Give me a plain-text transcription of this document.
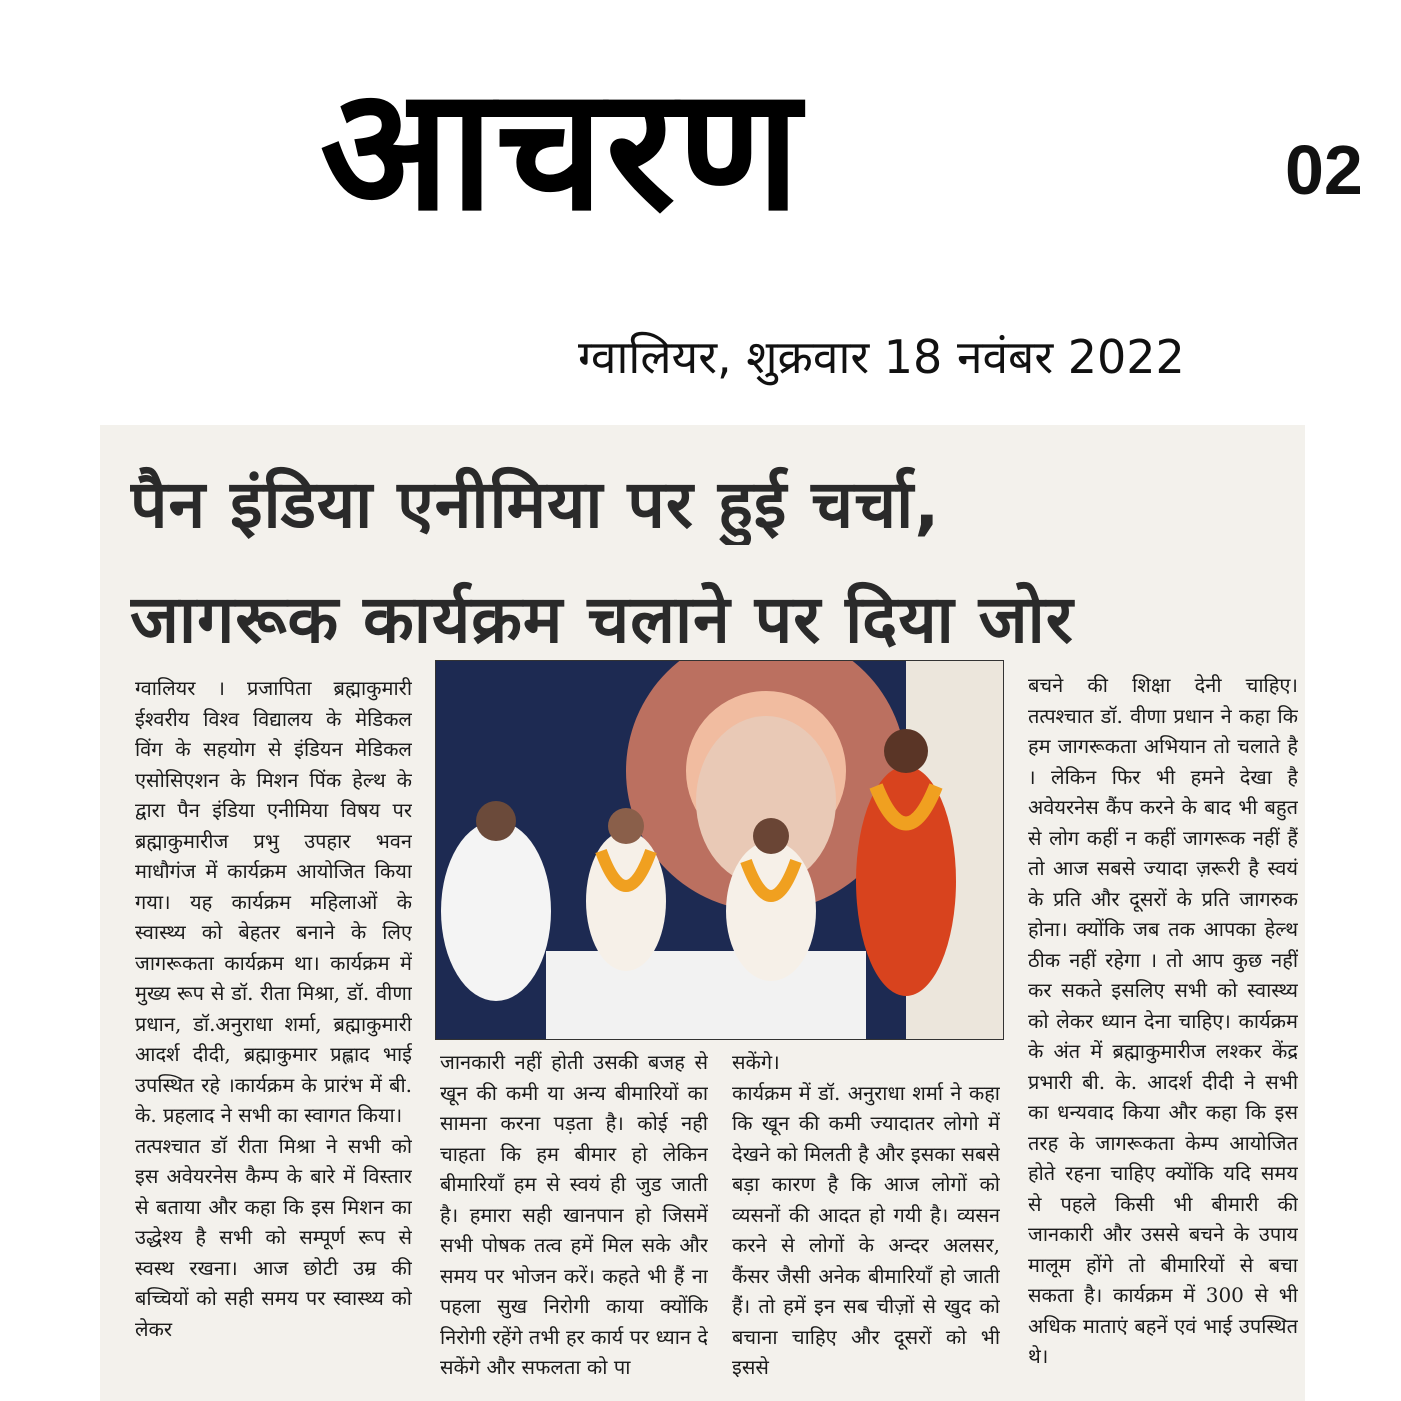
आचरण	02
ग्वालियर, शुक्रवार 18 नवंबर 2022
पैन इंडिया एनीमिया पर हुई चर्चा,
जागरूक कार्यक्रम चलाने पर दिया जोर

ग्वालियर । प्रजापिता ब्रह्माकुमारी ईश्वरीय विश्व विद्यालय के मेडिकल विंग के सहयोग से इंडियन मेडिकल एसोसिएशन के मिशन पिंक हेल्थ के द्वारा पैन इंडिया एनीमिया विषय पर ब्रह्माकुमारीज प्रभु उपहार भवन माधौगंज में कार्यक्रम आयोजित किया गया। यह कार्यक्रम महिलाओं के स्वास्थ्य को बेहतर बनाने के लिए जागरूकता कार्यक्रम था। कार्यक्रम में मुख्य रूप से डॉ. रीता मिश्रा, डॉ. वीणा प्रधान, डॉ.अनुराधा शर्मा, ब्रह्माकुमारी आदर्श दीदी, ब्रह्माकुमार प्रह्लाद भाई उपस्थित रहे ।कार्यक्रम के प्रारंभ में बी. के. प्रहलाद ने सभी का स्वागत किया।

तत्पश्चात डॉ रीता मिश्रा ने सभी को इस अवेयरनेस कैम्प के बारे में विस्तार से बताया और कहा कि इस मिशन का उद्धेश्य है सभी को सम्पूर्ण रूप से स्वस्थ रखना। आज छोटी उम्र की बच्चियों को सही समय पर स्वास्थ्य को लेकर

जानकारी नहीं होती उसकी बजह से खून की कमी या अन्य बीमारियों का सामना करना पड़ता है। कोई नही चाहता कि हम बीमार हो लेकिन बीमारियाँ हम से स्वयं ही जुड जाती है। हमारा सही खानपान हो जिसमें सभी पोषक तत्व हमें मिल सके और समय पर भोजन करें। कहते भी हैं ना पहला सुख निरोगी काया क्योंकि निरोगी रहेंगे तभी हर कार्य पर ध्यान दे सकेंगे और सफलता को पा

सकेंगे।

कार्यक्रम में डॉ. अनुराधा शर्मा ने कहा कि खून की कमी ज्यादातर लोगो में देखने को मिलती है और इसका सबसे बड़ा कारण है कि आज लोगों को व्यसनों की आदत हो गयी है। व्यसन करने से लोगों के अन्दर अलसर, कैंसर जैसी अनेक बीमारियाँ हो जाती हैं। तो हमें इन सब चीज़ों से खुद को बचाना चाहिए और दूसरों को भी इससे

बचने की शिक्षा देनी चाहिए। तत्पश्चात डॉ. वीणा प्रधान ने कहा कि हम जागरूकता अभियान तो चलाते है । लेकिन फिर भी हमने देखा है अवेयरनेस कैंप करने के बाद भी बहुत से लोग कहीं न कहीं जागरूक नहीं हैं तो आज सबसे ज्यादा ज़रूरी है स्वयं के प्रति और दूसरों के प्रति जागरुक होना। क्योंकि जब तक आपका हेल्थ ठीक नहीं रहेगा । तो आप कुछ नहीं कर सकते इसलिए सभी को स्वास्थ्य को लेकर ध्यान देना चाहिए। कार्यक्रम के अंत में ब्रह्माकुमारीज लश्कर केंद्र प्रभारी बी. के. आदर्श दीदी ने सभी का धन्यवाद किया और कहा कि इस तरह के जागरूकता केम्प आयोजित होते रहना चाहिए क्योंकि यदि समय से पहले किसी भी बीमारी की जानकारी और उससे बचने के उपाय मालूम होंगे तो बीमारियों से बचा सकता है। कार्यक्रम में 300 से भी अधिक माताएं बहनें एवं भाई उपस्थित थे।
